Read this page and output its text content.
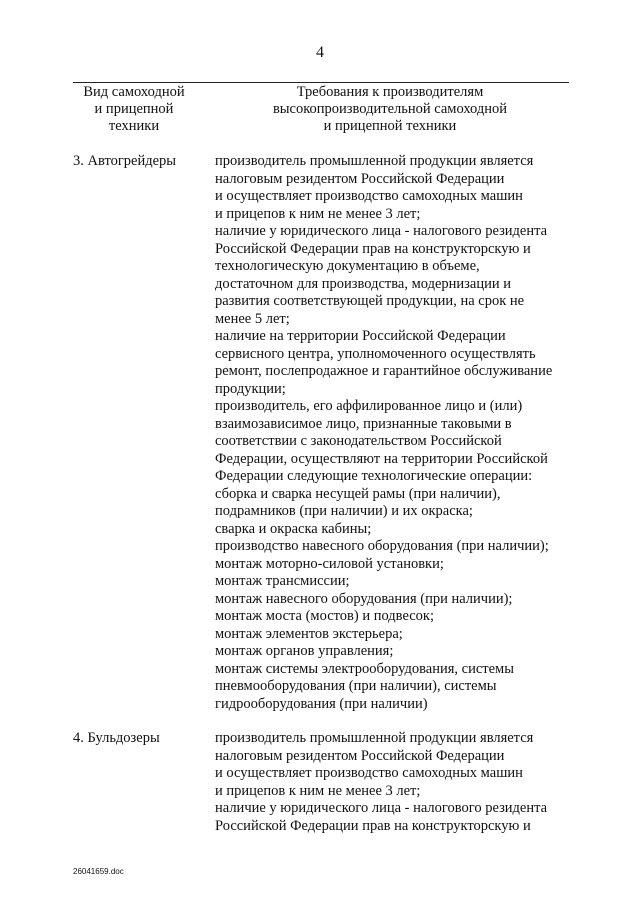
4
Вид самоходной
и прицепной
техники
Требования к производителям
высокопроизводительной самоходной
и прицепной техники
3. Автогрейдеры	производитель промышленной продукции является
налоговым резидентом Российской Федерации
и осуществляет производство самоходных машин
и прицепов к ним не менее 3 лет;
наличие у юридического лица - налогового резидента
Российской Федерации прав на конструкторскую и
технологическую документацию в объеме,
достаточном для производства, модернизации и
развития соответствующей продукции, на срок не
менее 5 лет;
наличие на территории Российской Федерации
сервисного центра, уполномоченного осуществлять
ремонт, послепродажное и гарантийное обслуживание
продукции;
производитель, его аффилированное лицо и (или)
взаимозависимое лицо, признанные таковыми в
соответствии с законодательством Российской
Федерации, осуществляют на территории Российской
Федерации следующие технологические операции:
сборка и сварка несущей рамы (при наличии),
подрамников (при наличии) и их окраска;
сварка и окраска кабины;
производство навесного оборудования (при наличии);
монтаж моторно-силовой установки;
монтаж трансмиссии;
монтаж навесного оборудования (при наличии);
монтаж моста (мостов) и подвесок;
монтаж элементов экстерьера;
монтаж органов управления;
монтаж системы электрооборудования, системы
пневмооборудования (при наличии), системы
гидрооборудования (при наличии)
4. Бульдозеры	производитель промышленной продукции является
налоговым резидентом Российской Федерации
и осуществляет производство самоходных машин
и прицепов к ним не менее 3 лет;
наличие у юридического лица - налогового резидента
Российской Федерации прав на конструкторскую и
26041659.doc
